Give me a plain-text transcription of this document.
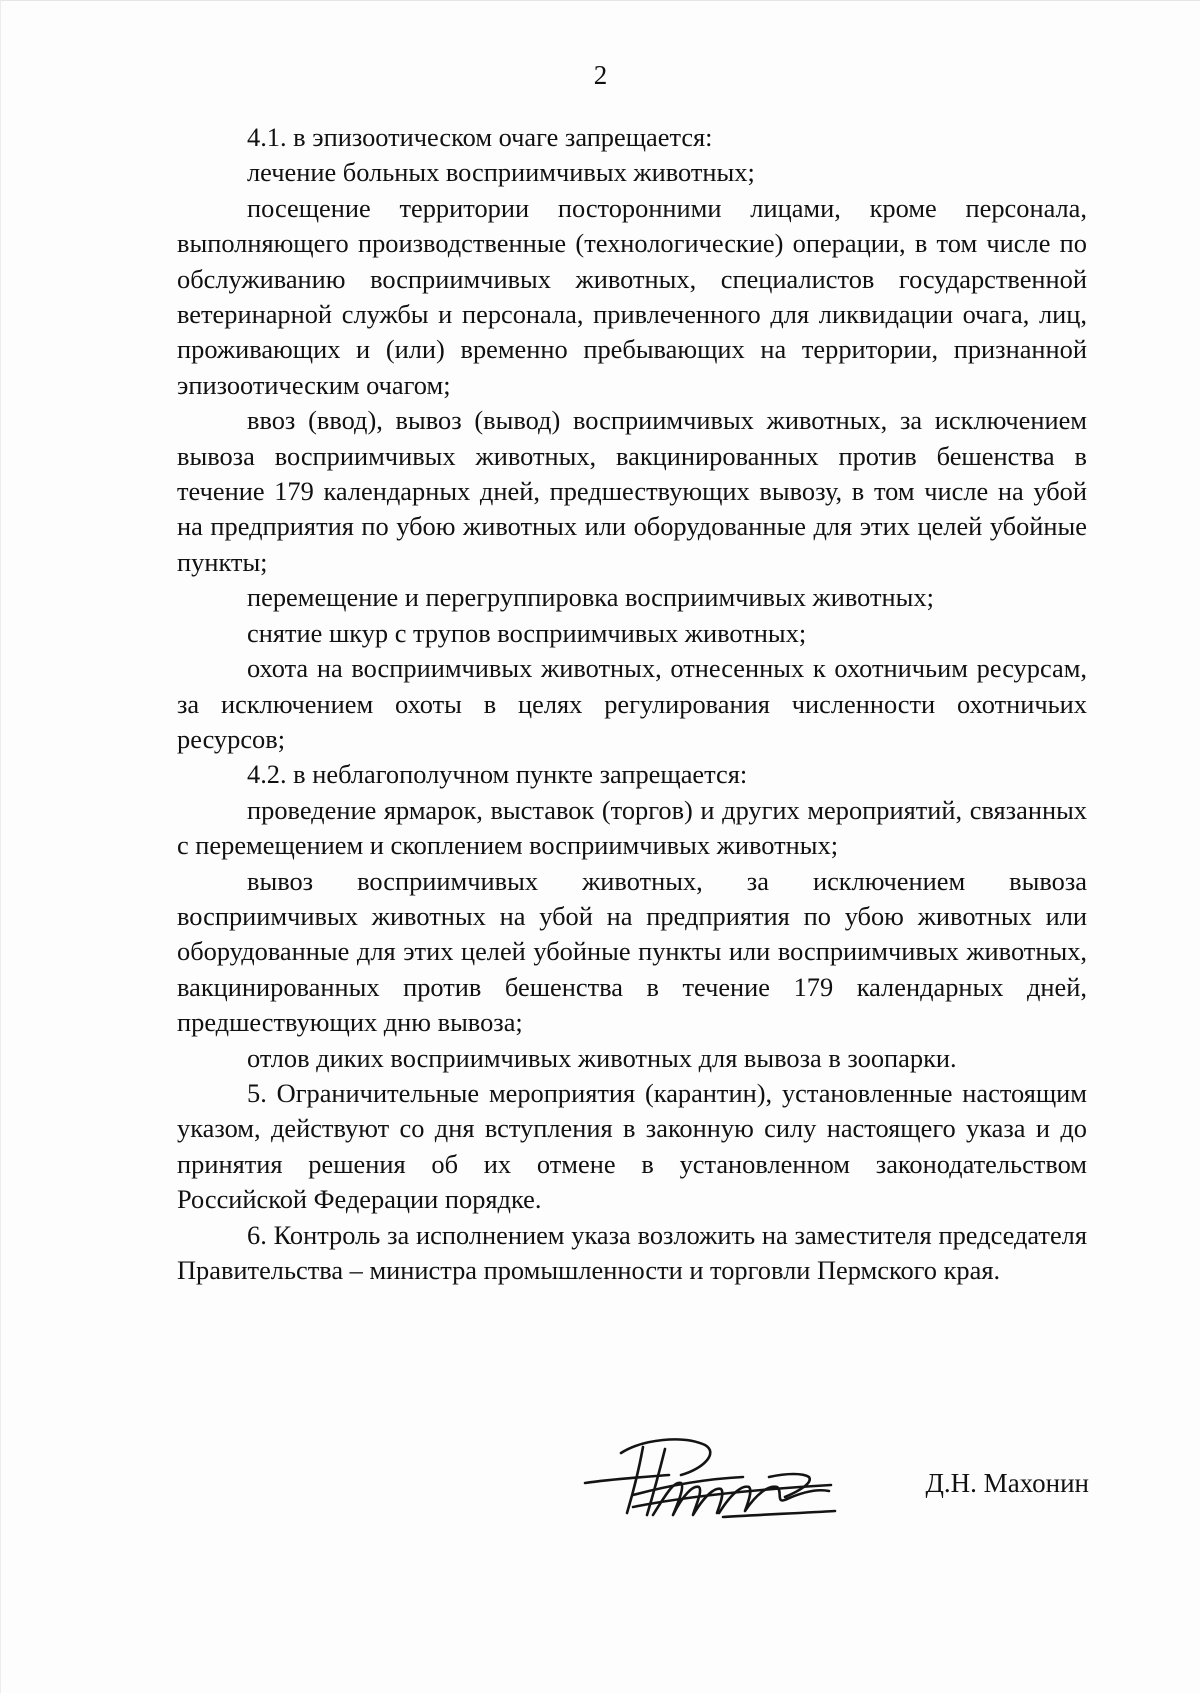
2

4.1. в эпизоотическом очаге запрещается:

лечение больных восприимчивых животных;

посещение территории посторонними лицами, кроме персонала, выполняющего производственные (технологические) операции, в том числе по обслуживанию восприимчивых животных, специалистов государственной ветеринарной службы и персонала, привлеченного для ликвидации очага, лиц, проживающих и (или) временно пребывающих на территории, признанной эпизоотическим очагом;

ввоз (ввод), вывоз (вывод) восприимчивых животных, за исключением вывоза восприимчивых животных, вакцинированных против бешенства в течение 179 календарных дней, предшествующих вывозу, в том числе на убой на предприятия по убою животных или оборудованные для этих целей убойные пункты;

перемещение и перегруппировка восприимчивых животных;

снятие шкур с трупов восприимчивых животных;

охота на восприимчивых животных, отнесенных к охотничьим ресурсам, за исключением охоты в целях регулирования численности охотничьих ресурсов;

4.2. в неблагополучном пункте запрещается:

проведение ярмарок, выставок (торгов) и других мероприятий, связанных с перемещением и скоплением восприимчивых животных;

вывоз восприимчивых животных, за исключением вывоза восприимчивых животных на убой на предприятия по убою животных или оборудованные для этих целей убойные пункты или восприимчивых животных, вакцинированных против бешенства в течение 179 календарных дней, предшествующих дню вывоза;

отлов диких восприимчивых животных для вывоза в зоопарки.

5. Ограничительные мероприятия (карантин), установленные настоящим указом, действуют со дня вступления в законную силу настоящего указа и до принятия решения об их отмене в установленном законодательством Российской Федерации порядке.

6. Контроль за исполнением указа возложить на заместителя председателя Правительства – министра промышленности и торговли Пермского края.

Д.Н. Махонин
